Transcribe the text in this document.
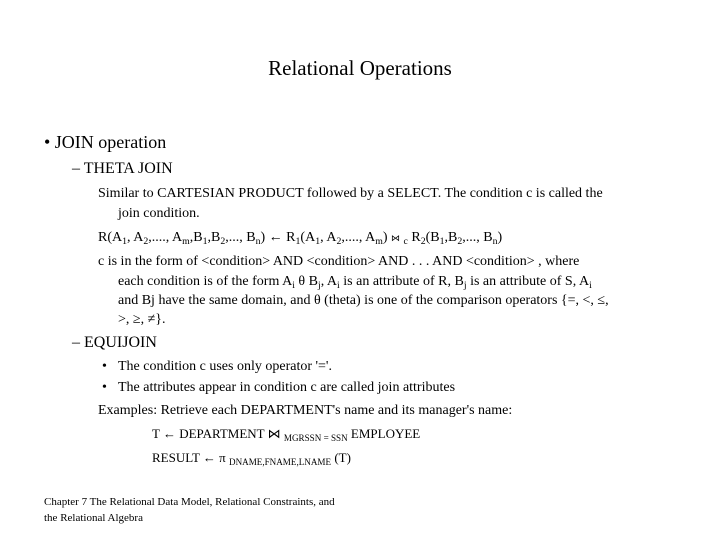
Relational Operations
• JOIN operation
– THETA JOIN
Similar to CARTESIAN PRODUCT followed by a SELECT. The condition c is called the
join condition.
$R(A_1$, $A_2$,...., $A_m,B_1,B_2$,..., $B_n$) ← $R_1(A_1$, $A_2$,...., $A_m$) ⋈ $_c$ $R_2(B_1,B_2$,..., $B_n$)
c is in the form of <condition> AND <condition> AND . . . AND <condition> , where
each condition is of the form $A_i$ θ $B_j$, $A_i$ is an attribute of R, $B_j$ is an attribute of S, $A_i$
and Bj have the same domain, and θ (theta) is one of the comparison operators {=, <, ≤,
>, ≥, ≠}.
– EQUIJOIN
• The condition c uses only operator '='.
• The attributes appear in condition c are called join attributes
Examples: Retrieve each DEPARTMENT's name and its manager's name:
T ← DEPARTMENT ⋈ $_{MGRSSN = SSN}$ EMPLOYEE
RESULT ← π $_{DNAME,FNAME,LNAME}$ (T)
Chapter 7 The Relational Data Model, Relational Constraints, and the Relational Algebra
